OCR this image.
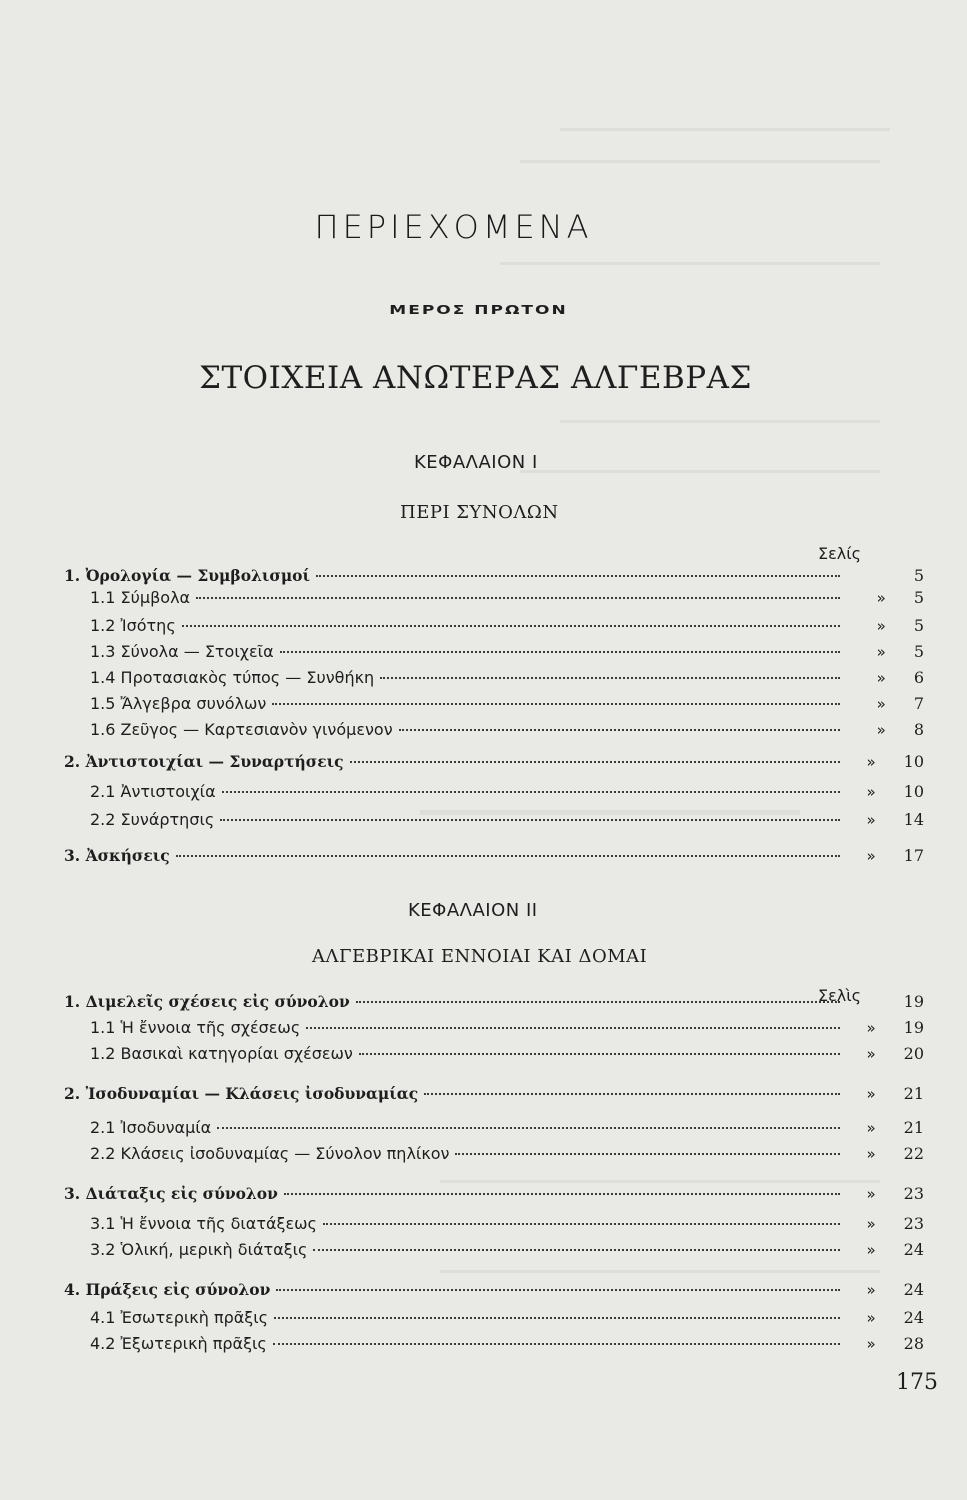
ΠΕΡΙΕΧΟΜΕΝΑ
ΜΕΡΟΣ ΠΡΩΤΟΝ
ΣΤΟΙΧΕΙΑ ΑΝΩΤΕΡΑΣ ΑΛΓΕΒΡΑΣ
ΚΕΦΑΛΑΙΟΝ Ι
ΠΕΡΙ ΣΥΝΟΛΩΝ
Σελίς
1. Ὀρολογία — Συμβολισμοί	5
1.1 Σύμβολα	» 5
1.2 Ἰσότης	» 5
1.3 Σύνολα — Στοιχεῖα	» 5
1.4 Προτασιακὸς τύπος — Συνθήκη	» 6
1.5 Ἄλγεβρα συνόλων	» 7
1.6 Ζεῦγος — Καρτεσιανὸν γινόμενον	» 8
2. Ἀντιστοιχίαι — Συναρτήσεις	» 10
2.1 Ἀντιστοιχία	» 10
2.2 Συνάρτησις	» 14
3. Ἀσκήσεις	» 17
ΚΕΦΑΛΑΙΟΝ ΙΙ
ΑΛΓΕΒΡΙΚΑΙ ΕΝΝΟΙΑΙ ΚΑΙ ΔΟΜΑΙ
Σελὶς
1. Διμελεῖς σχέσεις εἰς σύνολον	19
1.1 Ἡ ἔννοια τῆς σχέσεως	» 19
1.2 Βασικαὶ κατηγορίαι σχέσεων	» 20
2. Ἰσοδυναμίαι — Κλάσεις ἰσοδυναμίας	» 21
2.1 Ἰσοδυναμία	» 21
2.2 Κλάσεις ἰσοδυναμίας — Σύνολον πηλίκον	» 22
3. Διάταξις εἰς σύνολον	» 23
3.1 Ἡ ἔννοια τῆς διατάξεως	» 23
3.2 Ὁλική, μερικὴ διάταξις	» 24
4. Πράξεις εἰς σύνολον	» 24
4.1 Ἐσωτερικὴ πρᾶξις	» 24
4.2 Ἐξωτερικὴ πρᾶξις	» 28
175
